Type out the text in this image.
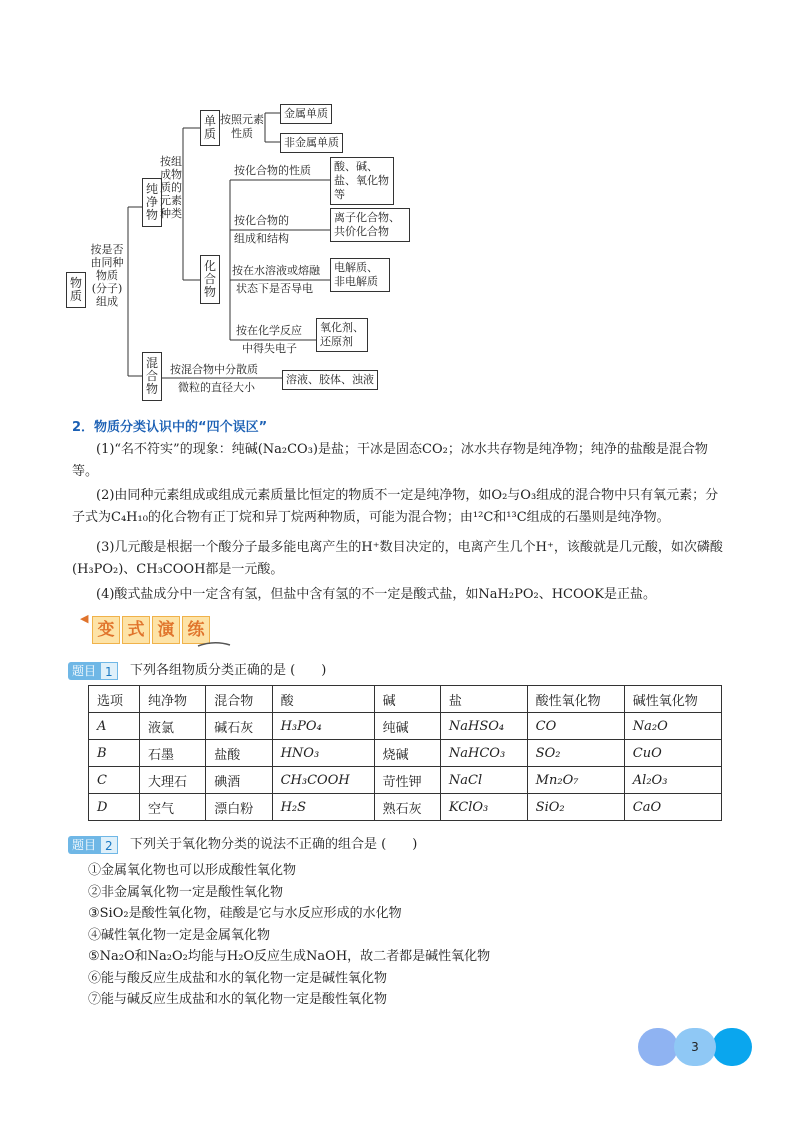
物质
按是否由同种物质(分子)组成
纯净物
按组成物质的元素种类
单质
按照元素性质
金属单质
非金属单质
化合物
按化合物的性质	酸、碱、盐、氧化物等
按化合物的
组成和结构
离子化合物、共价化合物
按在水溶液或熔融
状态下是否导电
电解质、非电解质
按在化学反应
中得失电子
氧化剂、还原剂
混合物
按混合物中分散质
微粒的直径大小
溶液、胶体、浊液
2．物质分类认识中的“四个误区”
(1)“名不符实”的现象：纯碱(Na₂CO₃)是盐；干冰是固态CO₂；冰水共存物是纯净物；纯净的盐酸是混合物等。
(2)由同种元素组成或组成元素质量比恒定的物质不一定是纯净物，如O₂与O₃组成的混合物中只有氧元素；分子式为C₄H₁₀的化合物有正丁烷和异丁烷两种物质，可能为混合物；由¹²C和¹³C组成的石墨则是纯净物。
(3)几元酸是根据一个酸分子最多能电离产生的H⁺数目决定的，电离产生几个H⁺，该酸就是几元酸，如次磷酸(H₃PO₂)、CH₃COOH都是一元酸。
(4)酸式盐成分中一定含有氢，但盐中含有氢的不一定是酸式盐，如NaH₂PO₂、HCOOK是正盐。
◀
变 式 演 练
题目 1	下列各组物质分类正确的是 (　　)
选项	纯净物	混合物	酸	碱	盐	酸性氧化物	碱性氧化物
A	液氯	碱石灰	H₃PO₄	纯碱	NaHSO₄	CO	Na₂O
B	石墨	盐酸	HNO₃	烧碱	NaHCO₃	SO₂	CuO
C	大理石	碘酒	CH₃COOH	苛性钾	NaCl	Mn₂O₇	Al₂O₃
D	空气	漂白粉	H₂S	熟石灰	KClO₃	SiO₂	CaO
题目 2	下列关于氧化物分类的说法不正确的组合是 (　　)
①金属氧化物也可以形成酸性氧化物
②非金属氧化物一定是酸性氧化物
③SiO₂是酸性氧化物，硅酸是它与水反应形成的水化物
④碱性氧化物一定是金属氧化物
⑤Na₂O和Na₂O₂均能与H₂O反应生成NaOH，故二者都是碱性氧化物
⑥能与酸反应生成盐和水的氧化物一定是碱性氧化物
⑦能与碱反应生成盐和水的氧化物一定是酸性氧化物
3
